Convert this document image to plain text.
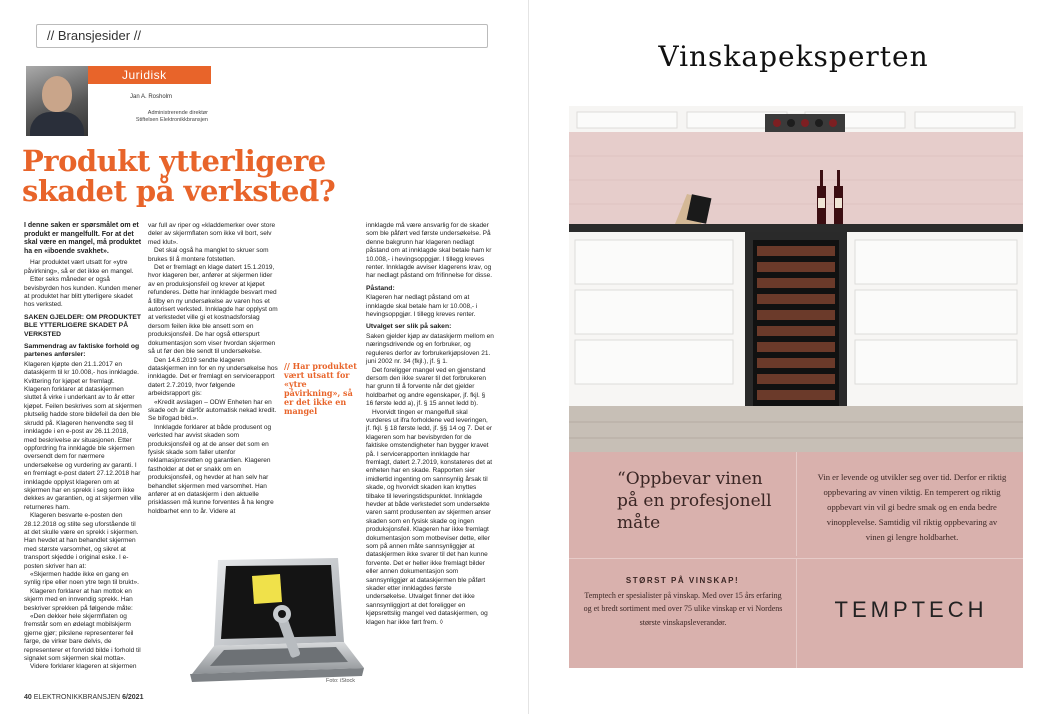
// Bransjesider //
Juridisk
Jan A. Rosholm
Administrerende direktør
Stiftelsen Elektronikkbransjen
Produkt ytterligere skadet på verksted?

I denne saken er spørsmålet om et produkt er mangelfullt. For at det skal være en mangel, må produktet ha en «iboende svakhet».

Har produktet vært utsatt for «ytre påvirkning», så er det ikke en mangel.

Etter seks måneder er også bevisbyrden hos kunden. Kunden mener at produktet har blitt ytterligere skadet hos verksted.

SAKEN GJELDER: OM PRODUKTET BLE YTTERLIGERE SKADET PÅ VERKSTED

Sammendrag av faktiske forhold og partenes anførsler:

Klageren kjøpte den 21.1.2017 en dataskjerm til kr 10.008,- hos innklagde. Kvittering for kjøpet er fremlagt. Klageren forklarer at dataskjermen sluttet å virke i underkant av to år etter kjøpet. Feilen beskrives som at skjermen plutselig hadde store bildefeil da den ble skrudd på. Klageren henvendte seg til innklagde i en e-post av 26.11.2018, med beskrivelse av situasjonen. Etter oppfordring fra innklagde ble skjermen oversendt dem for nærmere undersøkelse og vurdering av garanti. I en fremlagt e-post datert 27.12.2018 har innklagde opplyst klageren om at skjermen har en sprekk i seg som ikke dekkes av garantien, og at skjermen ville returneres ham.

Klageren besvarte e-posten den 28.12.2018 og stilte seg uforstående til at det skulle være en sprekk i skjermen. Han hevdet at han behandlet skjermen med største varsomhet, og sikret at transport skjedde i original eske. I e-posten skriver han at:

«Skjermen hadde ikke en gang en synlig ripe eller noen ytre tegn til brukt».

Klageren forklarer at han mottok en skjerm med en innvendig sprekk. Han beskriver sprekken på følgende måte:

«Den dekker hele skjermflaten og fremstår som en ødelagt mobilskjerm gjerne gjør; pikslene representerer feil farge, de virker bare delvis, de representerer et forvridd bilde i forhold til signalet som skjermen skal motta».

Videre forklarer klageren at skjermen

var full av riper og «kladdemerker over store deler av skjermflaten som ikke vil bort, selv med klut».

Det skal også ha manglet to skruer som brukes til å montere fotstetten.

Det er fremlagt en klage datert 15.1.2019, hvor klageren ber, anfører at skjermen lider av en produksjonsfeil og krever at kjøpet refunderes. Dette har innklagde besvart med å tilby en ny undersøkelse av varen hos et autorisert verksted. Innklagde har opplyst om at verkstedet ville gi et kostnadsforslag dersom feilen ikke ble ansett som en produksjonsfeil. De har også etterspurt dokumentasjon som viser hvordan skjermen så ut før den ble sendt til undersøkelse.

Den 14.6.2019 sendte klageren dataskjermen inn for en ny undersøkelse hos innklagde. Det er fremlagt en servicerapport datert 2.7.2019, hvor følgende arbeidsrapport gis:

«Kredit avslagen – ODW Enheten har en skade och är därför automatisk nekad kredit. Se bifogad bild.».

Innklagde forklarer at både produsent og verksted har avvist skaden som produksjonsfeil og at de anser det som en fysisk skade som faller utenfor reklamasjonsretten og garantien. Klageren fastholder at det er snakk om en produksjonsfeil, og hevder at han selv har behandlet skjermen med varsomhet. Han anfører at en dataskjerm i den aktuelle prisklassen må kunne forventes å ha lengre holdbarhet enn to år. Videre at

// Har produktet vært utsatt for «ytre påvirkning», så er det ikke en mangel

innklagde må være ansvarlig for de skader som ble påført ved første undersøkelse. På denne bakgrunn har klageren nedlagt påstand om at innklagde skal betale ham kr 10.008,- i hevingsoppgjør. I tillegg kreves renter. Innklagde avviser klagerens krav, og har nedlagt påstand om frifinnelse for disse.

Påstand:

Klageren har nedlagt påstand om at innklagde skal betale ham kr 10.008,- i hevingsoppgjør. I tillegg kreves renter.

Utvalget ser slik på saken:

Saken gjelder kjøp av dataskjerm mellom en næringsdrivende og en forbruker, og reguleres derfor av forbrukerkjøpsloven 21. juni 2002 nr. 34 (fkjl.), jf. § 1.

Det foreligger mangel ved en gjenstand dersom den ikke svarer til det forbrukeren har grunn til å forvente når det gjelder holdbarhet og andre egenskaper, jf. fkjl. § 16 første ledd a), jf. § 15 annet ledd b).

Hvorvidt tingen er mangelfull skal vurderes ut ifra forholdene ved leveringen, jf. fkjl. § 18 første ledd, jf. §§ 14 og 7. Det er klageren som har bevisbyrden for de faktiske omstendigheter han bygger kravet på. I servicerapporten innklagde har fremlagt, datert 2.7.2019, konstateres det at enheten har en skade. Rapporten sier imidlertid ingenting om sannsynlig årsak til skade, og hvorvidt skaden kan knyttes tilbake til leveringstidspunktet. Innklagde hevder at både verkstedet som undersøkte varen samt produsenten av skjermen anser skaden som en fysisk skade og ingen produksjonsfeil. Klageren har ikke fremlagt dokumentasjon som motbeviser dette, eller som på annen måte sannsynliggjør at dataskjermen ikke svarer til det han kunne forvente. Det er heller ikke fremlagt bilder eller annen dokumentasjon som sannsynliggjør at dataskjermen ble påført skader etter innklagdes første undersøkelse. Utvalget finner det ikke sannsynliggjort at det foreligger en kjøpsrettslig mangel ved dataskjermen, og klagen har ikke ført frem. ◊

Foto: iStock
40 ELEKTRONIKKBRANSJEN 6/2021
Vinskapeksperten
“Oppbevar vinen på en profesjonell måte
Vin er levende og utvikler seg over tid. Derfor er riktig oppbevaring av vinen viktig. En temperert og riktig oppbevart vin vil gi bedre smak og en enda bedre vinopplevelse. Samtidig vil riktig oppbevaring av vinen gi lengre holdbarhet.
STØRST PÅ VINSKAP!
Temptech er spesialister på vinskap. Med over 15 års erfaring og et bredt sortiment med over 75 ulike vinskap er vi Nordens største vinskapsleverandør.
TEMPTECH
